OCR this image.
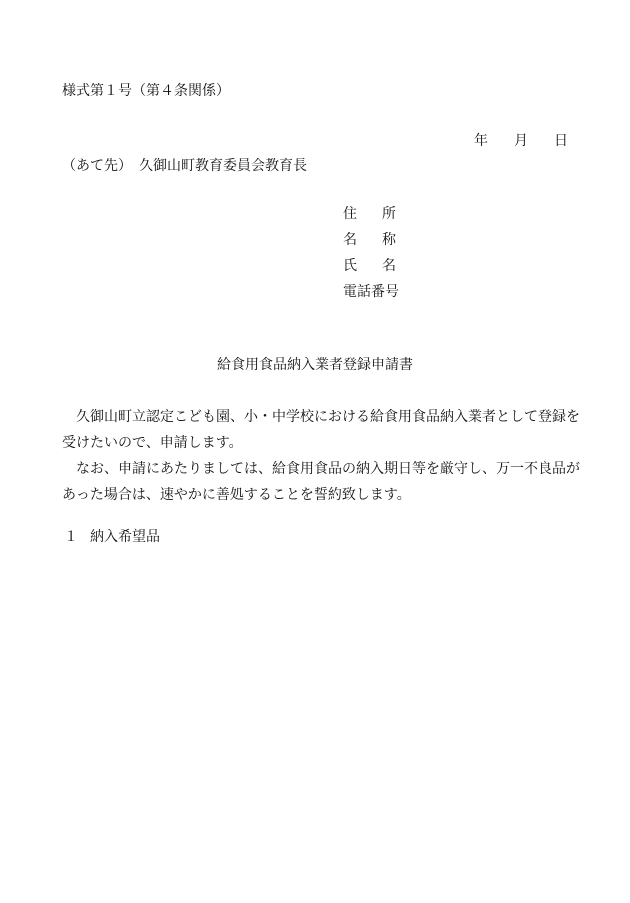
様式第１号（第４条関係）
年 月 日
（あて先）　久御山町教育委員会教育長
住 所
名 称
氏 名
電 話 番 号
給食用食品納入業者登録申請書

久御山町立認定こども園、小・中学校における給食用食品納入業者として登録を受けたいので、申請します。

なお、申請にあたりましては、給食用食品の納入期日等を厳守し、万一不良品があった場合は、速やかに善処することを誓約致します。

１ 納入希望品
